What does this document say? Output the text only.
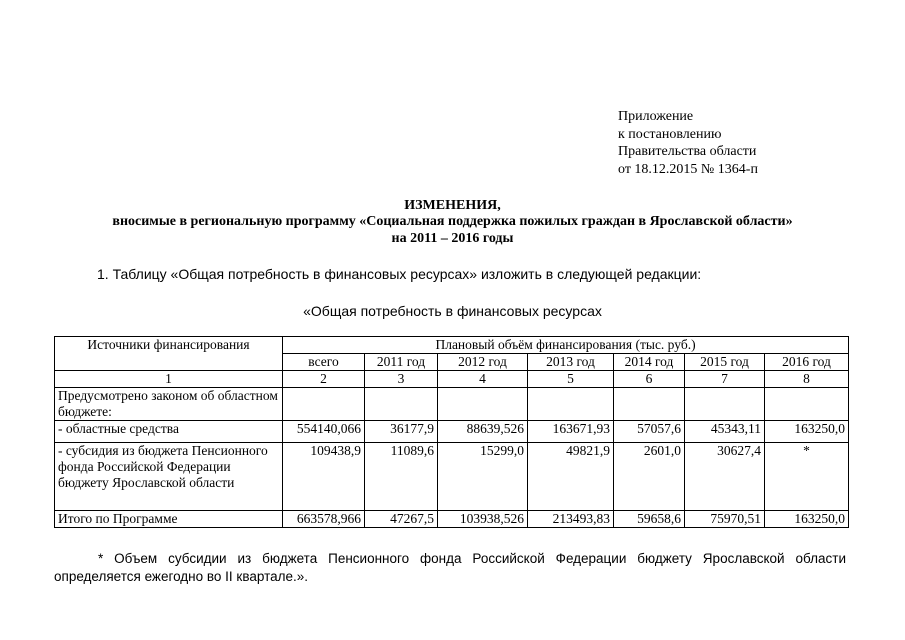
Приложение
к постановлению
Правительства области
от 18.12.2015 № 1364-п
ИЗМЕНЕНИЯ,
вносимые в региональную программу «Социальная поддержка пожилых граждан в Ярославской области»
на 2011 – 2016 годы
1. Таблицу «Общая потребность в финансовых ресурсах» изложить в следующей редакции:
«Общая потребность в финансовых ресурсах
Источники финансирования	Плановый объём финансирования (тыс. руб.)						
	всего	2011 год	2012 год	2013 год	2014 год	2015 год	2016 год
1	2	3	4	5	6	7	8
Предусмотрено законом об областном бюджете:							
- областные средства	554140,066	36177,9	88639,526	163671,93	57057,6	45343,11	163250,0
- субсидия из бюджета Пенсионного фонда Российской Федерации бюджету Ярославской области	109438,9	11089,6	15299,0	49821,9	2601,0	30627,4	*
Итого по Программе	663578,966	47267,5	103938,526	213493,83	59658,6	75970,51	163250,0
* Объем субсидии из бюджета Пенсионного фонда Российской Федерации бюджету Ярославской области
определяется ежегодно во II квартале.».
